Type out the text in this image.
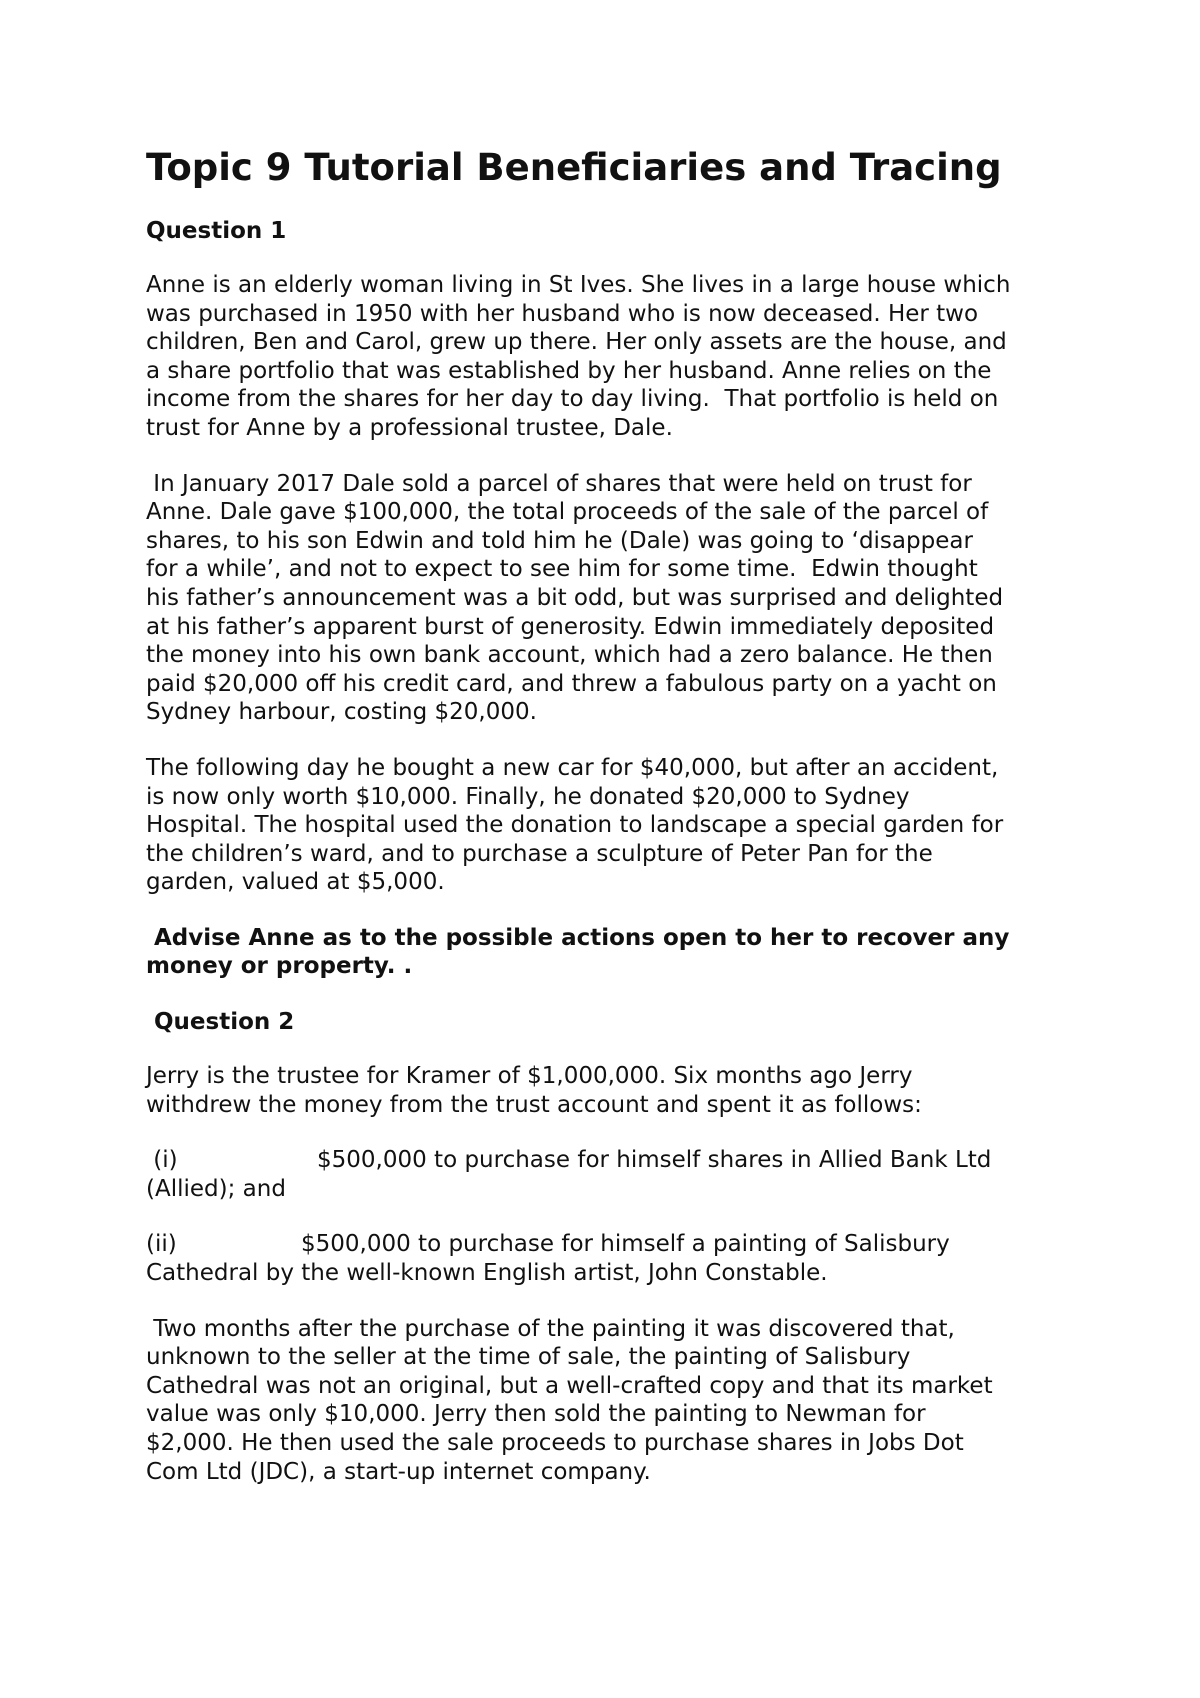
Topic 9 Tutorial Beneficiaries and Tracing
Question 1

Anne is an elderly woman living in St Ives. She lives in a large house which
was purchased in 1950 with her husband who is now deceased. Her two
children, Ben and Carol, grew up there. Her only assets are the house, and
a share portfolio that was established by her husband. Anne relies on the
income from the shares for her day to day living.  That portfolio is held on
trust for Anne by a professional trustee, Dale.

In January 2017 Dale sold a parcel of shares that were held on trust for
Anne. Dale gave $100,000, the total proceeds of the sale of the parcel of
shares, to his son Edwin and told him he (Dale) was going to ‘disappear
for a while’, and not to expect to see him for some time.  Edwin thought
his father’s announcement was a bit odd, but was surprised and delighted
at his father’s apparent burst of generosity. Edwin immediately deposited
the money into his own bank account, which had a zero balance. He then
paid $20,000 off his credit card, and threw a fabulous party on a yacht on
Sydney harbour, costing $20,000.

The following day he bought a new car for $40,000, but after an accident,
is now only worth $10,000. Finally, he donated $20,000 to Sydney
Hospital. The hospital used the donation to landscape a special garden for
the children’s ward, and to purchase a sculpture of Peter Pan for the
garden, valued at $5,000.

Advise Anne as to the possible actions open to her to recover any
money or property. .

Question 2

Jerry is the trustee for Kramer of $1,000,000. Six months ago Jerry
withdrew the money from the trust account and spent it as follows:

(i)	$500,000 to purchase for himself shares in Allied Bank Ltd
(Allied); and

(ii)	$500,000 to purchase for himself a painting of Salisbury
Cathedral by the well-known English artist, John Constable.

Two months after the purchase of the painting it was discovered that,
unknown to the seller at the time of sale, the painting of Salisbury
Cathedral was not an original, but a well-crafted copy and that its market
value was only $10,000. Jerry then sold the painting to Newman for
$2,000. He then used the sale proceeds to purchase shares in Jobs Dot
Com Ltd (JDC), a start-up internet company.
